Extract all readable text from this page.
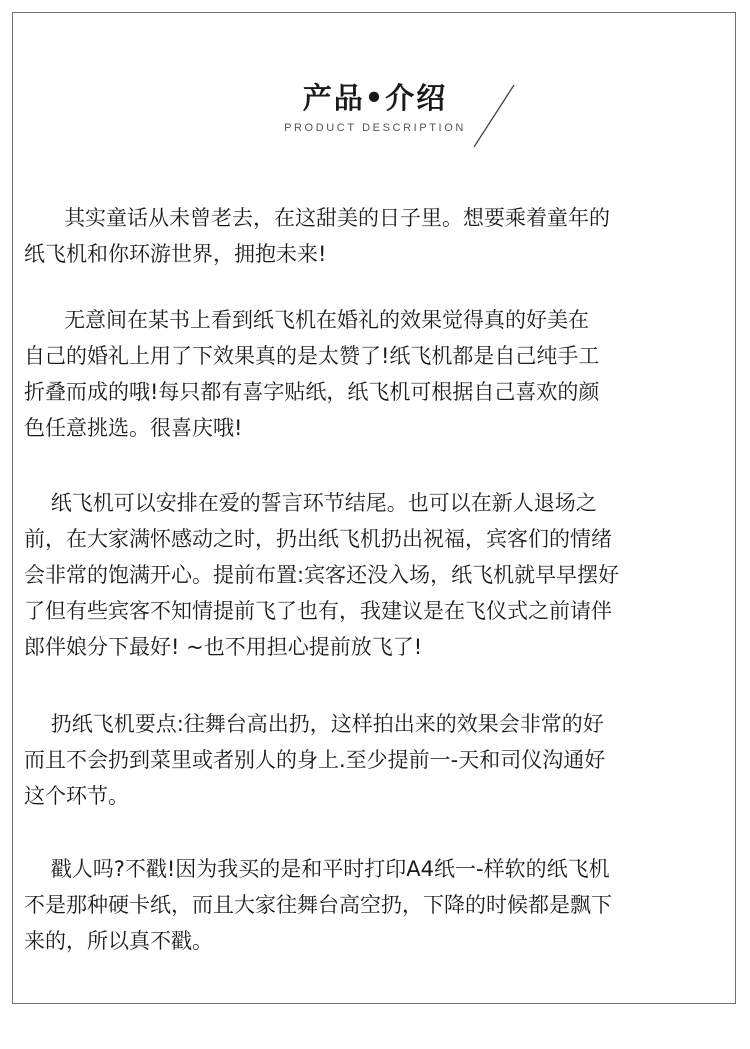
产品•介绍
PRODUCT DESCRIPTION

其实童话从未曾老去，在这甜美的日子里。想要乘着童年的
纸飞机和你环游世界，拥抱未来!

无意间在某书上看到纸飞机在婚礼的效果觉得真的好美在
自己的婚礼上用了下效果真的是太赞了!纸飞机都是自己纯手工
折叠而成的哦!每只都有喜字贴纸，纸飞机可根据自己喜欢的颜
色任意挑选。很喜庆哦!

纸飞机可以安排在爱的誓言环节结尾。也可以在新人退场之
前，在大家满怀感动之时，扔出纸飞机扔出祝福，宾客们的情绪
会非常的饱满开心。提前布置:宾客还没入场，纸飞机就早早摆好
了但有些宾客不知情提前飞了也有，我建议是在飞仪式之前请伴
郎伴娘分下最好! ~也不用担心提前放飞了!

扔纸飞机要点:往舞台高出扔，这样拍出来的效果会非常的好
而且不会扔到菜里或者别人的身上.至少提前一-天和司仪沟通好
这个环节。

戳人吗?不戳!因为我买的是和平时打印A4纸一-样软的纸飞机
不是那种硬卡纸，而且大家往舞台高空扔，下降的时候都是飘下
来的，所以真不戳。
